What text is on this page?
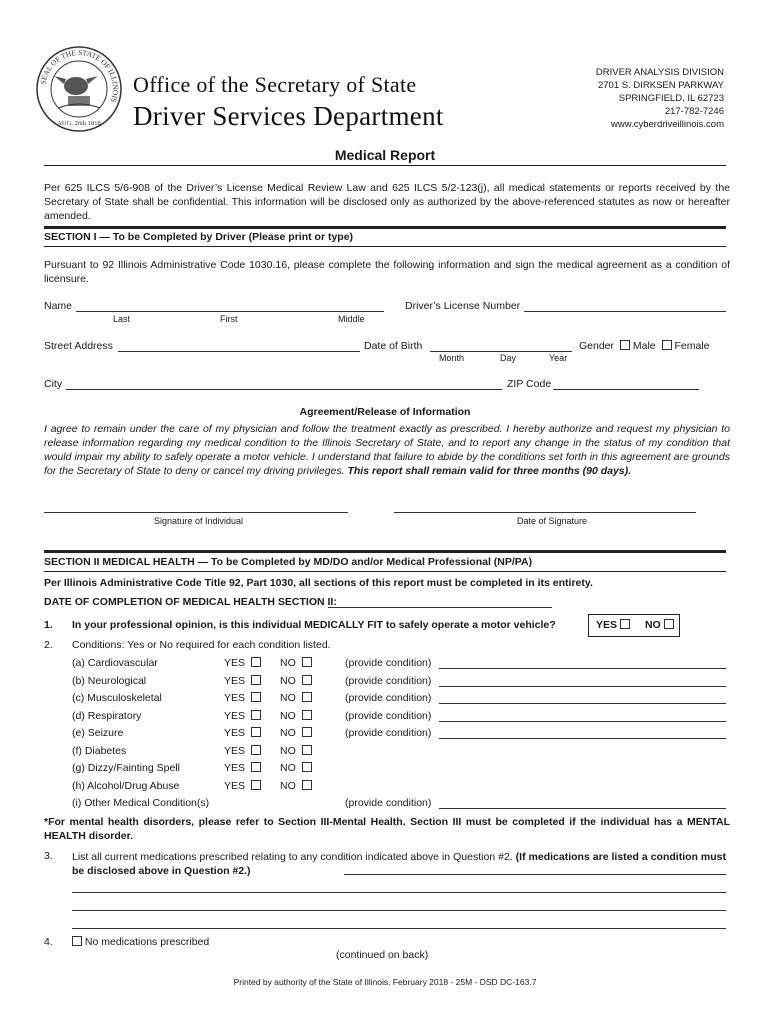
SEAL OF THE STATE OF ILLINOIS
AUG. 26th 1818
Office of the Secretary of State
Driver Services Department
DRIVER ANALYSIS DIVISION
2701 S. DIRKSEN PARKWAY
SPRINGFIELD, IL 62723
217-782-7246
www.cyberdriveillinois.com
Medical Report
Per 625 ILCS 5/6-908 of the Driver’s License Medical Review Law and 625 ILCS 5/2-123(j), all medical statements or reports received by the Secretary of State shall be confidential. This information will be disclosed only as authorized by the above-referenced statutes as now or hereafter amended.
SECTION I — To be Completed by Driver (Please print or type)
Pursuant to 92 Illinois Administrative Code 1030.16, please complete the following information and sign the medical agreement as a condition of licensure.
Name
Last	First	Middle
Driver’s License Number
Street Address	Date of Birth
Month	Day	Year
Gender Male Female
City	ZIP Code
Agreement/Release of Information
I agree to remain under the care of my physician and follow the treatment exactly as prescribed. I hereby authorize and request my physician to release information regarding my medical condition to the Illinois Secretary of State, and to report any change in the status of my condition that would impair my ability to safely operate a motor vehicle. I understand that failure to abide by the conditions set forth in this agreement are grounds for the Secretary of State to deny or cancel my driving privileges. This report shall remain valid for three months (90 days).
Signature of Individual	Date of Signature
SECTION II MEDICAL HEALTH — To be Completed by MD/DO and/or Medical Professional (NP/PA)
Per Illinois Administrative Code Title 92, Part 1030, all sections of this report must be completed in its entirety.
DATE OF COMPLETION OF MEDICAL HEALTH SECTION II:
1. In your professional opinion, is this individual MEDICALLY FIT to safely operate a motor vehicle?	YES	NO
2. Conditions: Yes or No required for each condition listed.
(a) Cardiovascular	YES	NO	(provide condition)
(b) Neurological	YES	NO	(provide condition)
(c) Musculoskeletal	YES	NO	(provide condition)
(d) Respiratory	YES	NO	(provide condition)
(e) Seizure	YES	NO	(provide condition)
(f) Diabetes	YES	NO
(g) Dizzy/Fainting Spell	YES	NO
(h) Alcohol/Drug Abuse	YES	NO
(i) Other Medical Condition(s)	(provide condition)
*For mental health disorders, please refer to Section III-Mental Health. Section III must be completed if the individual has a MENTAL HEALTH disorder.
3. List all current medications prescribed relating to any condition indicated above in Question #2. (If medications are listed a condition must be disclosed above in Question #2.)
4.	No medications prescribed
(continued on back)
Printed by authority of the State of Illinois. February 2018 - 25M - DSD DC-163.7
